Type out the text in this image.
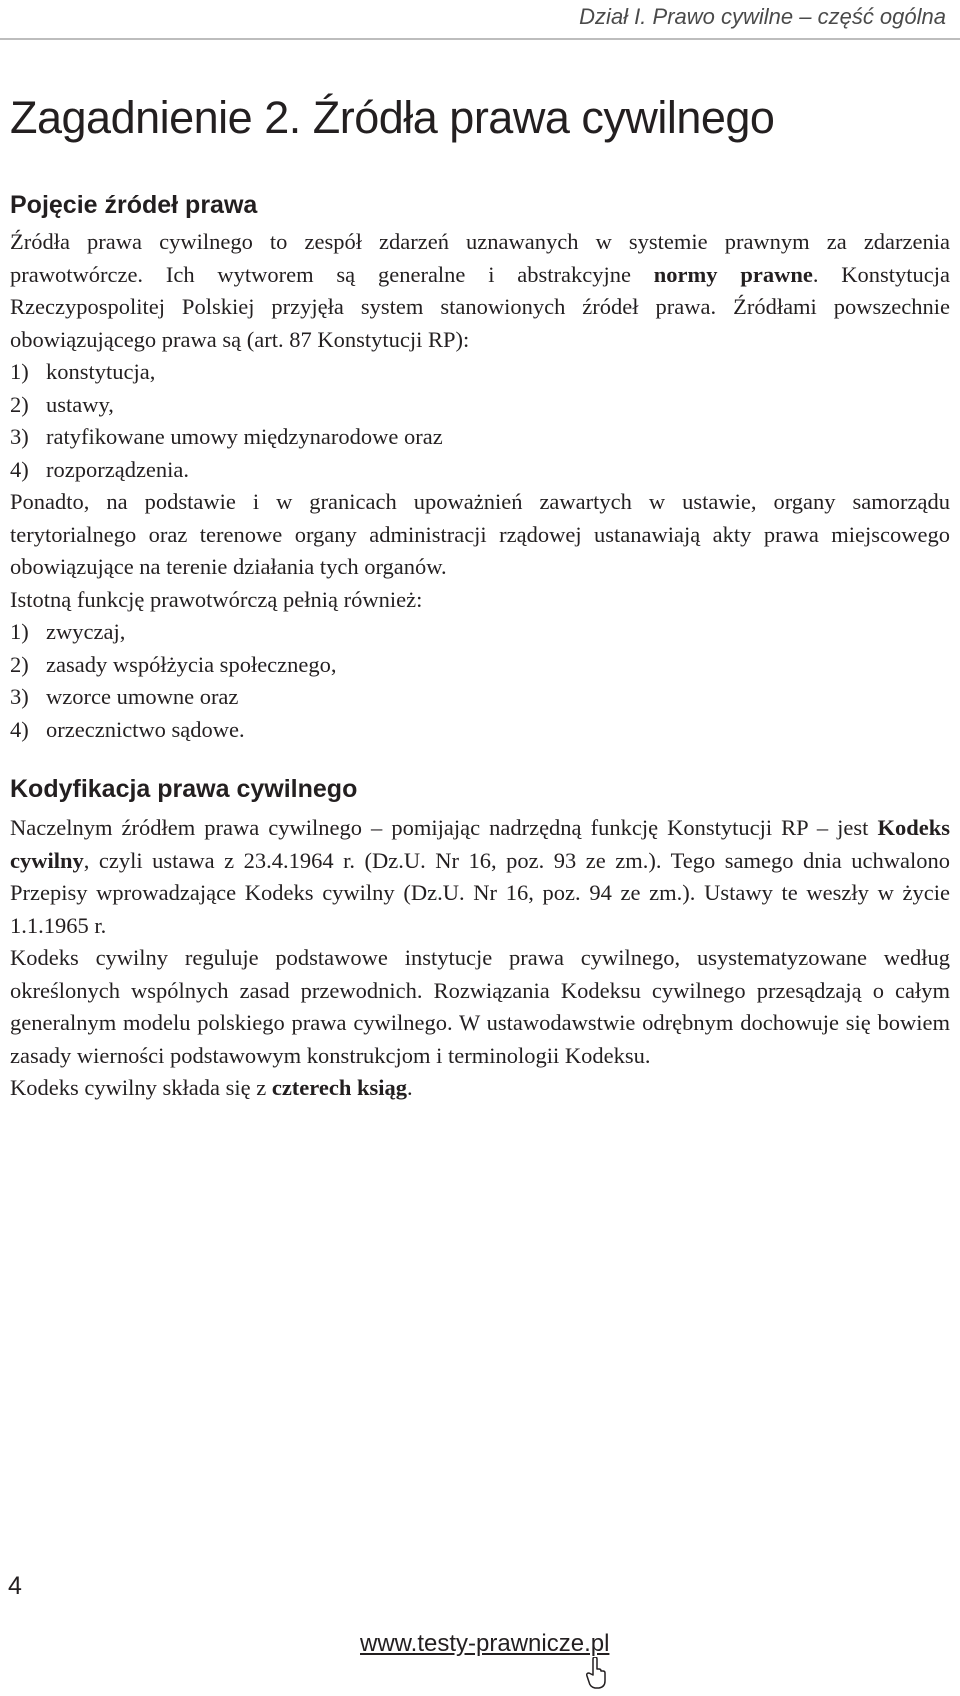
Dział I. Prawo cywilne – część ogólna

Zagadnienie 2. Źródła prawa cywilnego
Pojęcie źródeł prawa

Źródła prawa cywilnego to zespół zdarzeń uznawanych w systemie prawnym za zdarzenia prawotwórcze. Ich wytworem są generalne i abstrakcyjne normy prawne. Konstytucja Rzeczypospolitej Polskiej przyjęła system stanowionych źródeł prawa. Źródłami powszechnie obowiązującego prawa są (art. 87 Konstytucji RP):

1) konstytucja,
2) ustawy,
3) ratyfikowane umowy międzynarodowe oraz
4) rozporządzenia.

Ponadto, na podstawie i w granicach upoważnień zawartych w ustawie, organy samorządu terytorialnego oraz terenowe organy administracji rządowej ustanawiają akty prawa miejscowego obowiązujące na terenie działania tych organów.

Istotną funkcję prawotwórczą pełnią również:

1) zwyczaj,
2) zasady współżycia społecznego,
3) wzorce umowne oraz
4) orzecznictwo sądowe.
Kodyfikacja prawa cywilnego

Naczelnym źródłem prawa cywilnego – pomijając nadrzędną funkcję Konstytucji RP – jest Kodeks cywilny, czyli ustawa z 23.4.1964 r. (Dz.U. Nr 16, poz. 93 ze zm.). Tego samego dnia uchwalono Przepisy wprowadzające Kodeks cywilny (Dz.U. Nr 16, poz. 94 ze zm.). Ustawy te weszły w życie 1.1.1965 r.

Kodeks cywilny reguluje podstawowe instytucje prawa cywilnego, usystematyzowane według określonych wspólnych zasad przewodnich. Rozwiązania Kodeksu cywilnego przesądzają o całym generalnym modelu polskiego prawa cywilnego. W ustawodawstwie odrębnym dochowuje się bowiem zasady wierności podstawowym konstrukcjom i terminologii Kodeksu.

Kodeks cywilny składa się z czterech ksiąg.

4

www.testy-prawnicze.pl
